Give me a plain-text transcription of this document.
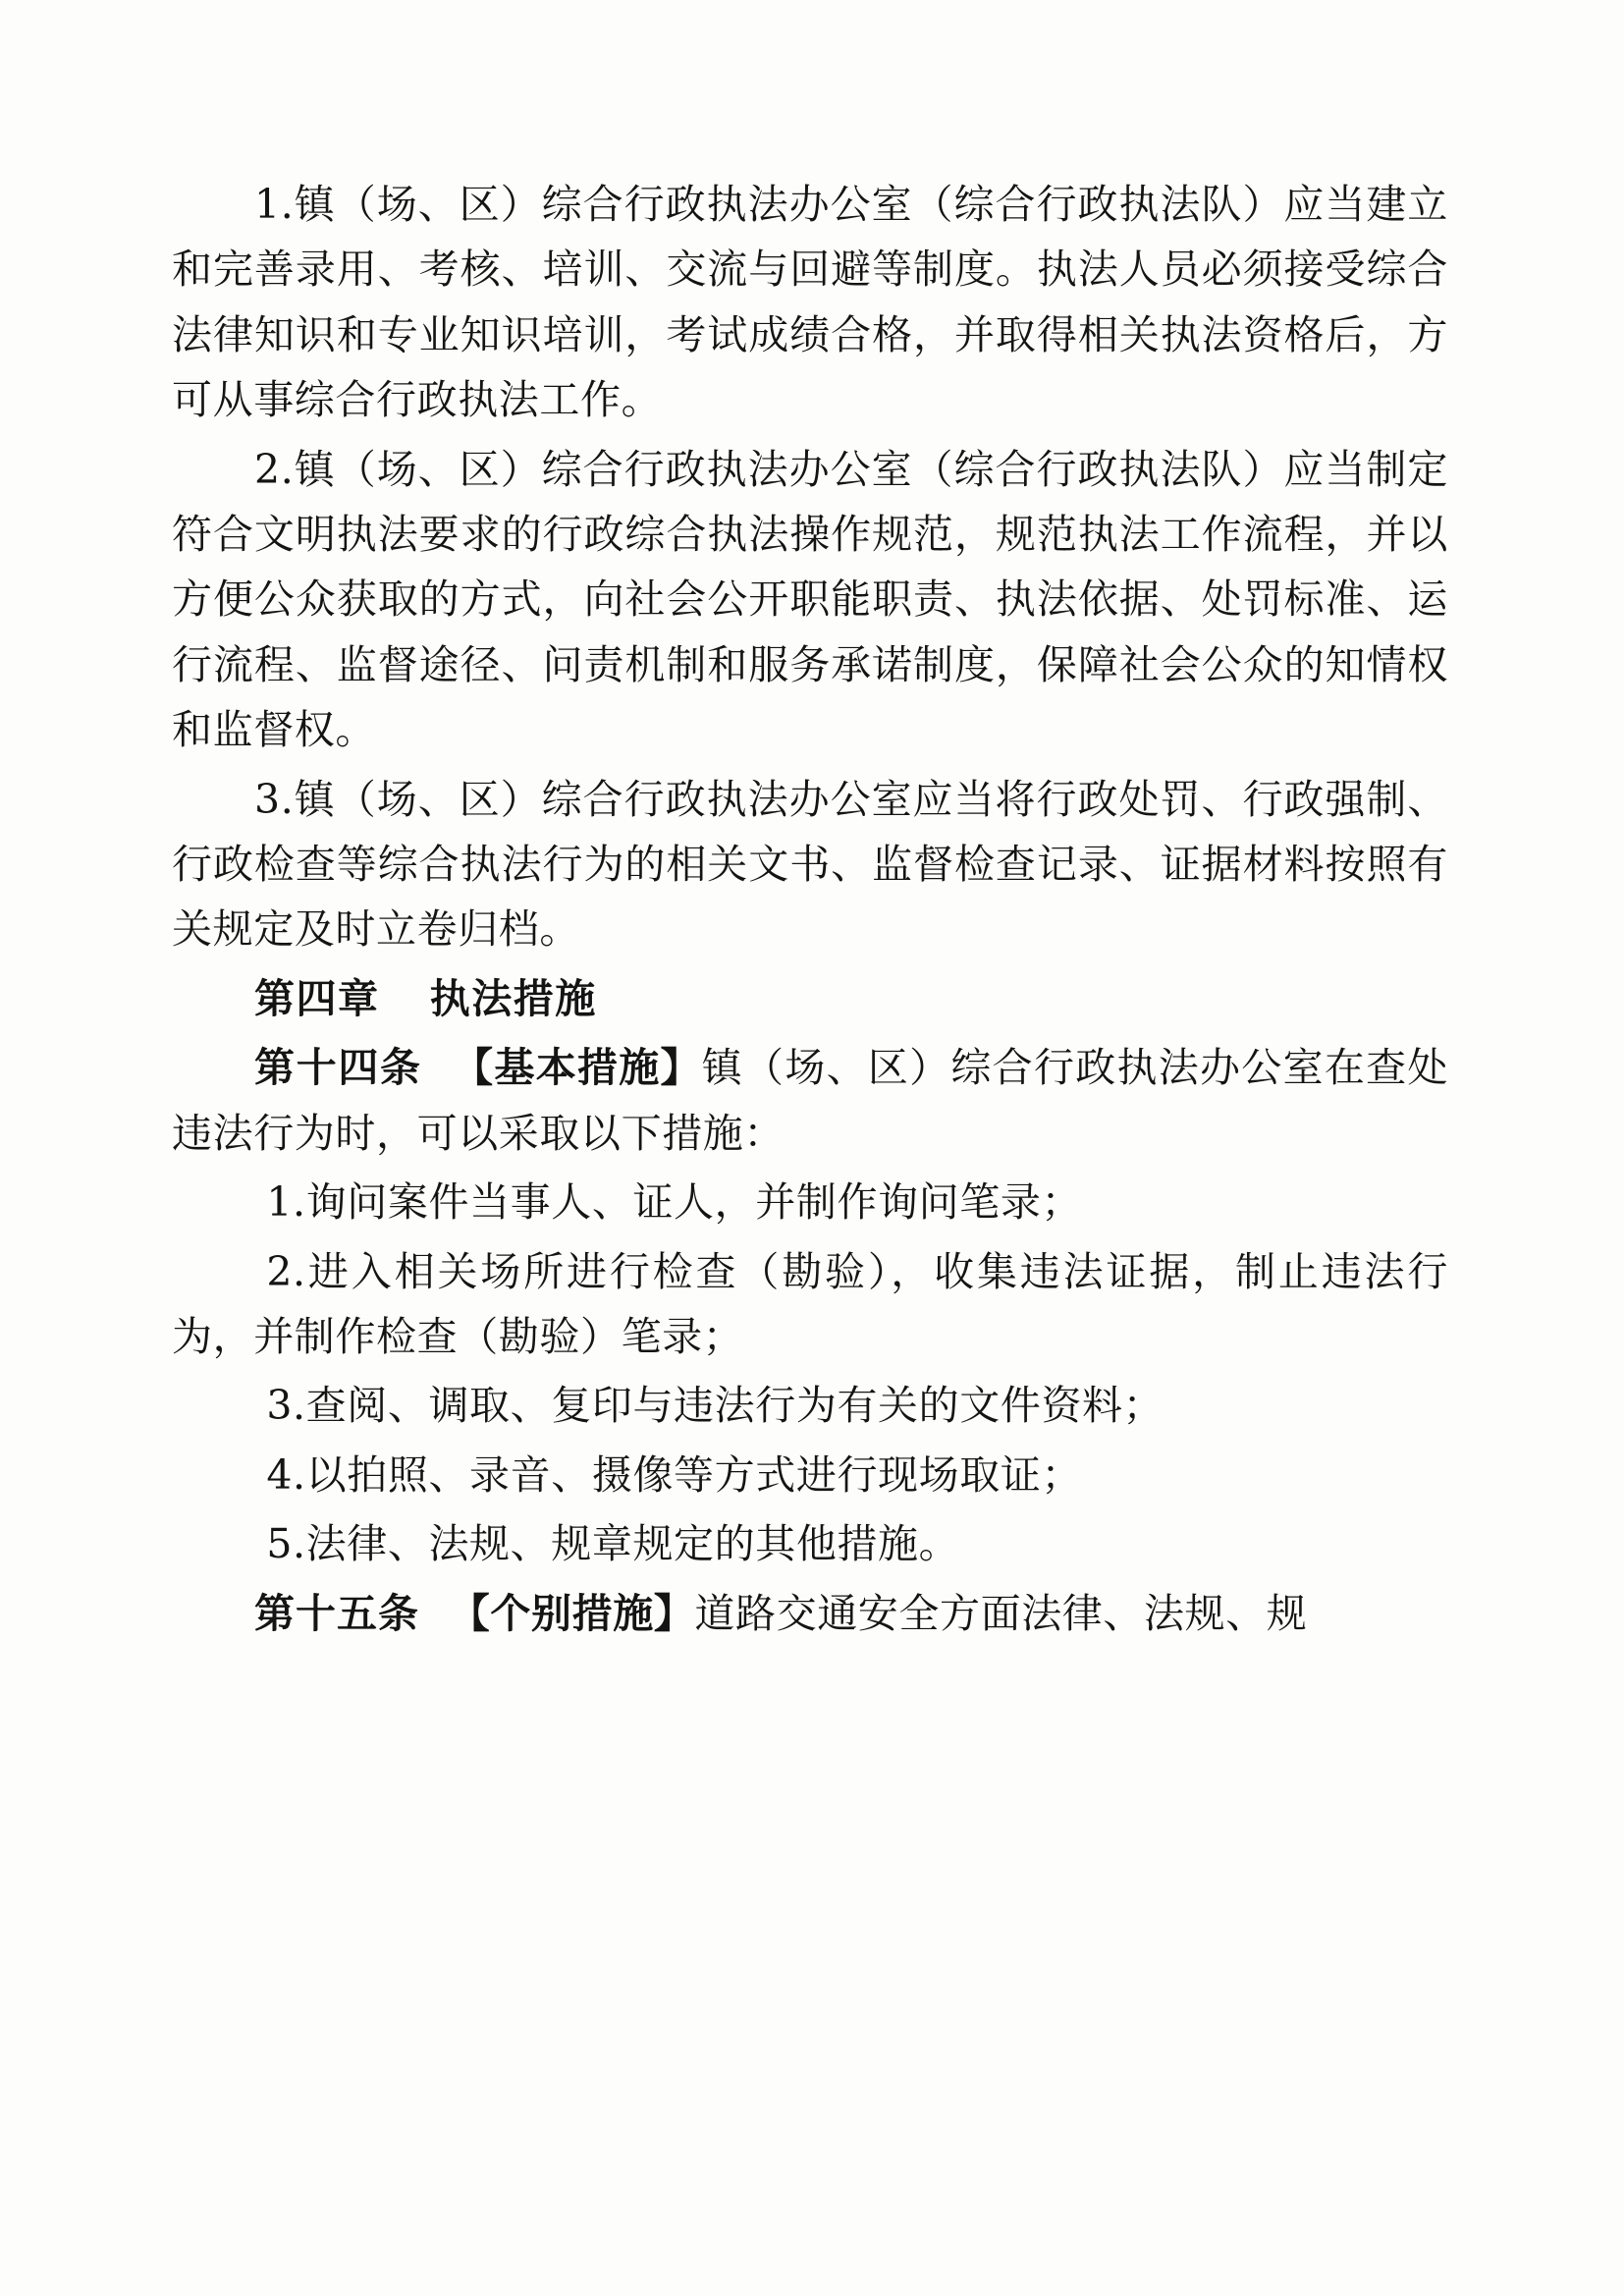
1.镇（场、区）综合行政执法办公室（综合行政执法队）应当建立和完善录用、考核、培训、交流与回避等制度。执法人员必须接受综合法律知识和专业知识培训，考试成绩合格，并取得相关执法资格后，方可从事综合行政执法工作。

2.镇（场、区）综合行政执法办公室（综合行政执法队）应当制定符合文明执法要求的行政综合执法操作规范，规范执法工作流程，并以方便公众获取的方式，向社会公开职能职责、执法依据、处罚标准、运行流程、监督途径、问责机制和服务承诺制度，保障社会公众的知情权和监督权。

3.镇（场、区）综合行政执法办公室应当将行政处罚、行政强制、行政检查等综合执法行为的相关文书、监督检查记录、证据材料按照有关规定及时立卷归档。

第四章 执法措施

第十四条 【基本措施】镇（场、区）综合行政执法办公室在查处违法行为时，可以采取以下措施：

1.询问案件当事人、证人，并制作询问笔录；

2.进入相关场所进行检查（勘验），收集违法证据，制止违法行为，并制作检查（勘验）笔录；

3.查阅、调取、复印与违法行为有关的文件资料；

4.以拍照、录音、摄像等方式进行现场取证；

5.法律、法规、规章规定的其他措施。

第十五条 【个别措施】道路交通安全方面法律、法规、规
